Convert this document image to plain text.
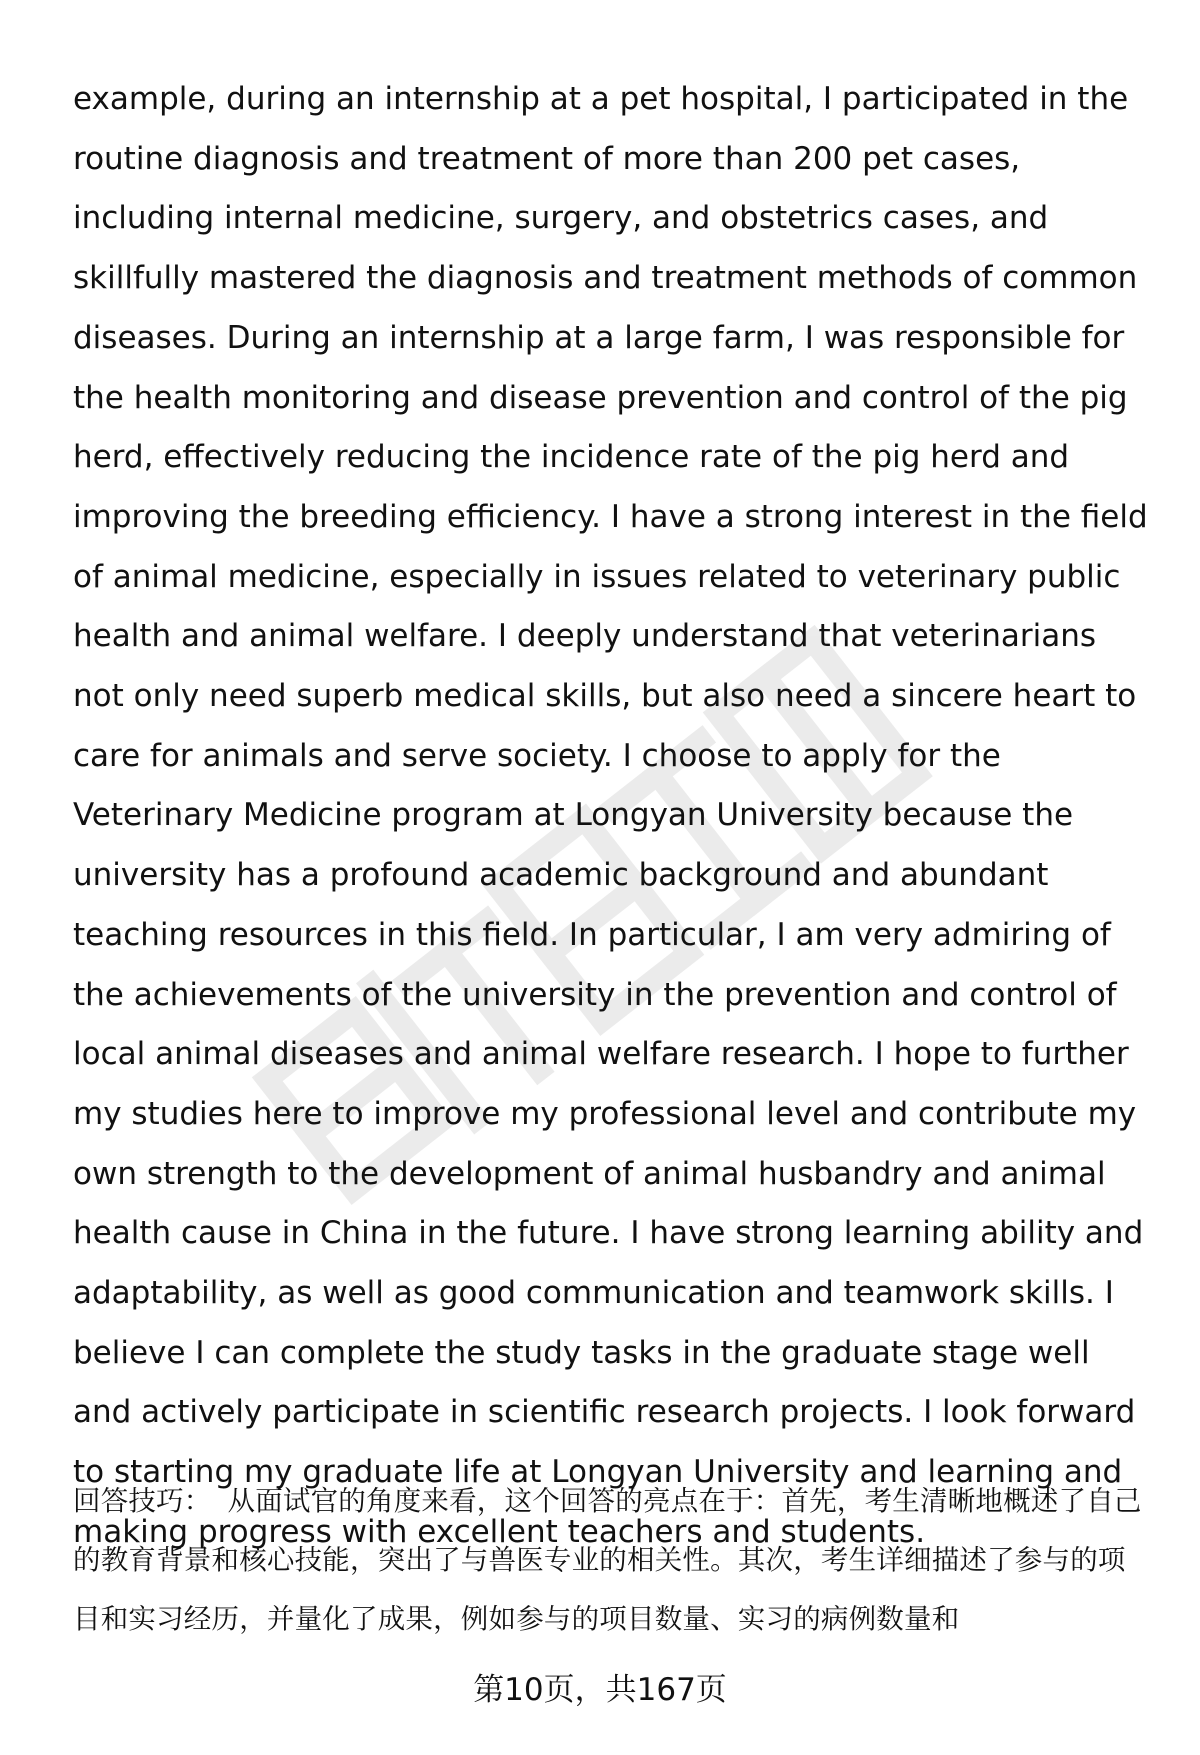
example, during an internship at a pet hospital, I participated in the routine diagnosis and treatment of more than 200 pet cases, including internal medicine, surgery, and obstetrics cases, and skillfully mastered the diagnosis and treatment methods of common diseases. During an internship at a large farm, I was responsible for the health monitoring and disease prevention and control of the pig herd, effectively reducing the incidence rate of the pig herd and improving the breeding efficiency. I have a strong interest in the field of animal medicine, especially in issues related to veterinary public health and animal welfare. I deeply understand that veterinarians not only need superb medical skills, but also need a sincere heart to care for animals and serve society. I choose to apply for the Veterinary Medicine program at Longyan University because the university has a profound academic background and abundant teaching resources in this field. In particular, I am very admiring of the achievements of the university in the prevention and control of local animal diseases and animal welfare research. I hope to further my studies here to improve my professional level and contribute my own strength to the development of animal husbandry and animal health cause in China in the future. I have strong learning ability and adaptability, as well as good communication and teamwork skills. I believe I can complete the study tasks in the graduate stage well and actively participate in scientific research projects. I look forward to starting my graduate life at Longyan University and learning and making progress with excellent teachers and students.

回答技巧： 从面试官的角度来看，这个回答的亮点在于：首先，考生清晰地概述了自己的教育背景和核心技能，突出了与兽医专业的相关性。其次，考生详细描述了参与的项目和实习经历，并量化了成果，例如参与的项目数量、实习的病例数量和

第10页，共167页
